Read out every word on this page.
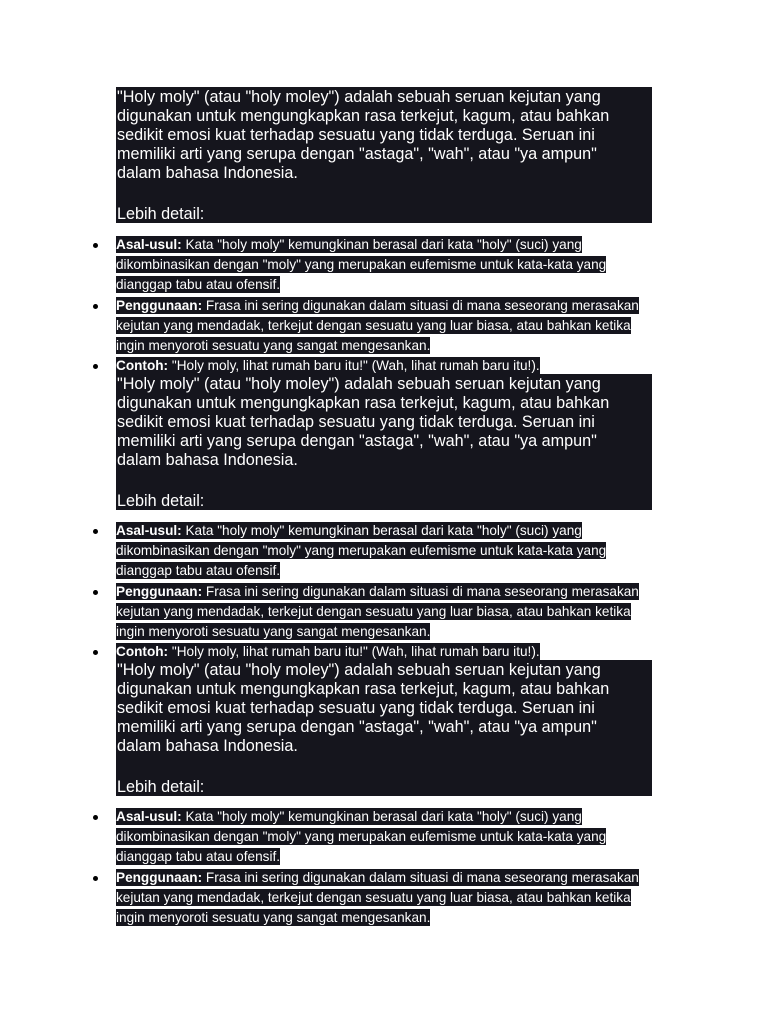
"Holy moly" (atau "holy moley") adalah sebuah seruan kejutan yang

digunakan untuk mengungkapkan rasa terkejut, kagum, atau bahkan

sedikit emosi kuat terhadap sesuatu yang tidak terduga. Seruan ini

memiliki arti yang serupa dengan "astaga", "wah", atau "ya ampun"

dalam bahasa Indonesia.

Lebih detail:

Asal-usul: Kata "holy moly" kemungkinan berasal dari kata "holy" (suci) yang dikombinasikan dengan "moly" yang merupakan eufemisme untuk kata-kata yang dianggap tabu atau ofensif.
Penggunaan: Frasa ini sering digunakan dalam situasi di mana seseorang merasakan kejutan yang mendadak, terkejut dengan sesuatu yang luar biasa, atau bahkan ketika ingin menyoroti sesuatu yang sangat mengesankan.
Contoh: "Holy moly, lihat rumah baru itu!" (Wah, lihat rumah baru itu!).

"Holy moly" (atau "holy moley") adalah sebuah seruan kejutan yang

digunakan untuk mengungkapkan rasa terkejut, kagum, atau bahkan

sedikit emosi kuat terhadap sesuatu yang tidak terduga. Seruan ini

memiliki arti yang serupa dengan "astaga", "wah", atau "ya ampun"

dalam bahasa Indonesia.

Lebih detail:

Asal-usul: Kata "holy moly" kemungkinan berasal dari kata "holy" (suci) yang dikombinasikan dengan "moly" yang merupakan eufemisme untuk kata-kata yang dianggap tabu atau ofensif.
Penggunaan: Frasa ini sering digunakan dalam situasi di mana seseorang merasakan kejutan yang mendadak, terkejut dengan sesuatu yang luar biasa, atau bahkan ketika ingin menyoroti sesuatu yang sangat mengesankan.
Contoh: "Holy moly, lihat rumah baru itu!" (Wah, lihat rumah baru itu!).

"Holy moly" (atau "holy moley") adalah sebuah seruan kejutan yang

digunakan untuk mengungkapkan rasa terkejut, kagum, atau bahkan

sedikit emosi kuat terhadap sesuatu yang tidak terduga. Seruan ini

memiliki arti yang serupa dengan "astaga", "wah", atau "ya ampun"

dalam bahasa Indonesia.

Lebih detail:

Asal-usul: Kata "holy moly" kemungkinan berasal dari kata "holy" (suci) yang dikombinasikan dengan "moly" yang merupakan eufemisme untuk kata-kata yang dianggap tabu atau ofensif.
Penggunaan: Frasa ini sering digunakan dalam situasi di mana seseorang merasakan kejutan yang mendadak, terkejut dengan sesuatu yang luar biasa, atau bahkan ketika ingin menyoroti sesuatu yang sangat mengesankan.
